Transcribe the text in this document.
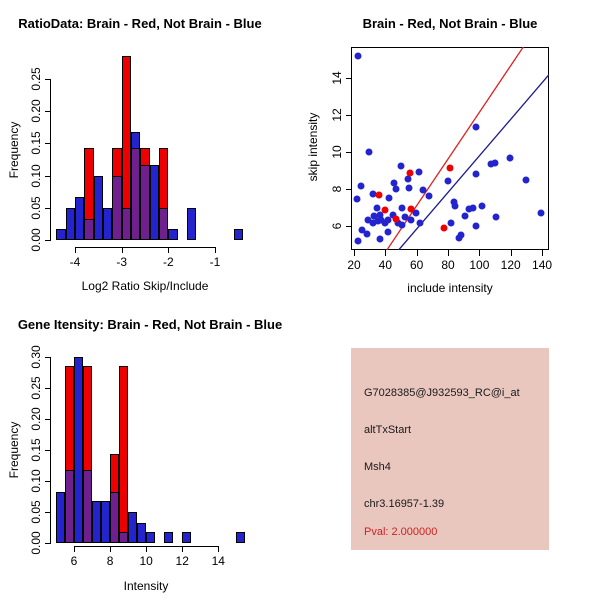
RatioData: Brain - Red, Not Brain - Blue	Brain - Red, Not Brain - Blue
Gene Itensity: Brain - Red, Not Brain - Blue
Frequency
Log2 Ratio Skip/Include
skip intensity
include intensity
Frequency
Intensity
G7028385@J932593_RC@i_at
altTxStart
Msh4
chr3.16957-1.39
Pval: 2.000000
-4	-3	-2	-1
0.00
0.05
0.10
0.15
0.20
0.25
6 8 10 12 14
0.00
0.05
0.10
0.15
0.20
0.25
0.30
20 40 60 80 100 120 140
6
8
10
12
14
